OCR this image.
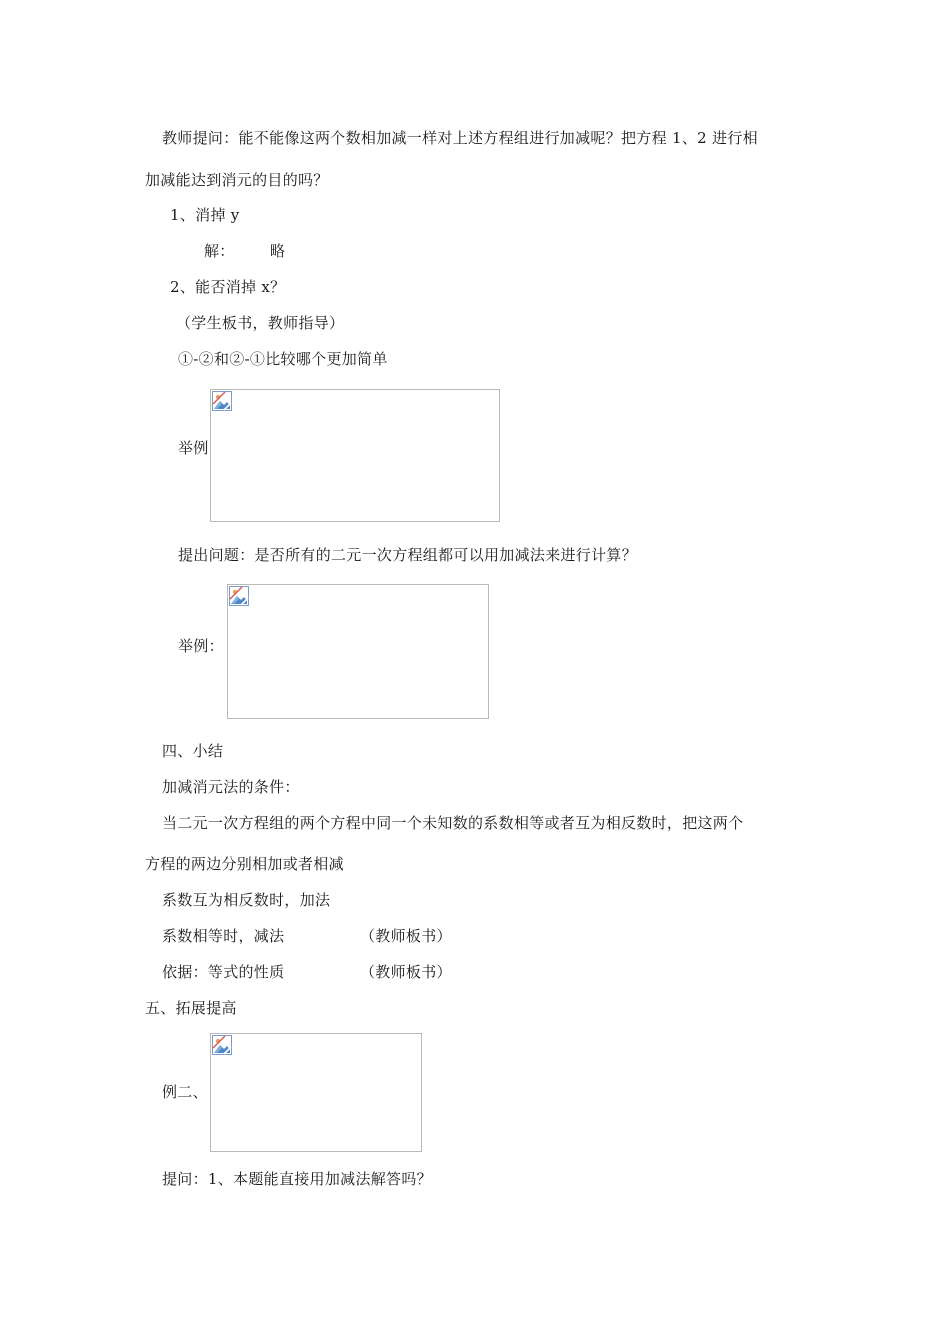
教师提问：能不能像这两个数相加减一样对上述方程组进行加减呢？把方程 1、2 进行相
加减能达到消元的目的吗？
1、消掉 y
解： 略
2、能否消掉 x？
（学生板书，教师指导）
①-②和②-①比较哪个更加简单
举例
提出问题：是否所有的二元一次方程组都可以用加减法来进行计算？
举例：
四、小结
加减消元法的条件：
当二元一次方程组的两个方程中同一个未知数的系数相等或者互为相反数时，把这两个
方程的两边分别相加或者相减
系数互为相反数时，加法
系数相等时，减法	（教师板书）
依据：等式的性质	（教师板书）
五、拓展提高
例二、
提问：1、本题能直接用加减法解答吗？
